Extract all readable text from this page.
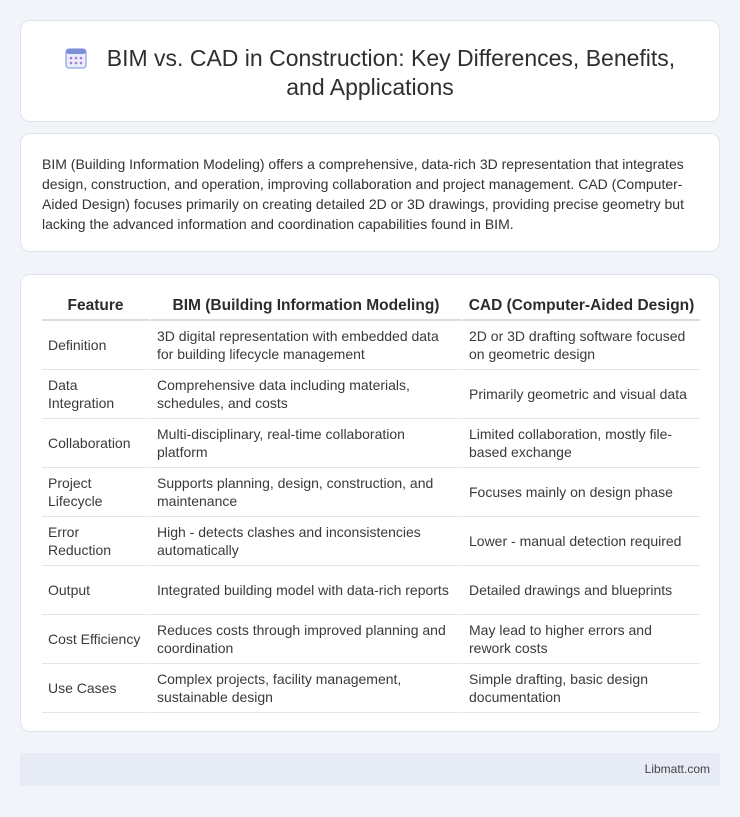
BIM vs. CAD in Construction: Key Differences, Benefits, and Applications

BIM (Building Information Modeling) offers a comprehensive, data-rich 3D representation that integrates design, construction, and operation, improving collaboration and project management. CAD (Computer-Aided Design) focuses primarily on creating detailed 2D or 3D drawings, providing precise geometry but lacking the advanced information and coordination capabilities found in BIM.

Feature	BIM (Building Information Modeling)	CAD (Computer-Aided Design)
Definition	3D digital representation with embedded data for building lifecycle management	2D or 3D drafting software focused on geometric design
Data Integration	Comprehensive data including materials, schedules, and costs	Primarily geometric and visual data
Collaboration	Multi-disciplinary, real-time collaboration platform	Limited collaboration, mostly file-based exchange
Project Lifecycle	Supports planning, design, construction, and maintenance	Focuses mainly on design phase
Error Reduction	High - detects clashes and inconsistencies automatically	Lower - manual detection required
Output	Integrated building model with data-rich reports	Detailed drawings and blueprints
Cost Efficiency	Reduces costs through improved planning and coordination	May lead to higher errors and rework costs
Use Cases	Complex projects, facility management, sustainable design	Simple drafting, basic design documentation
Libmatt.com
